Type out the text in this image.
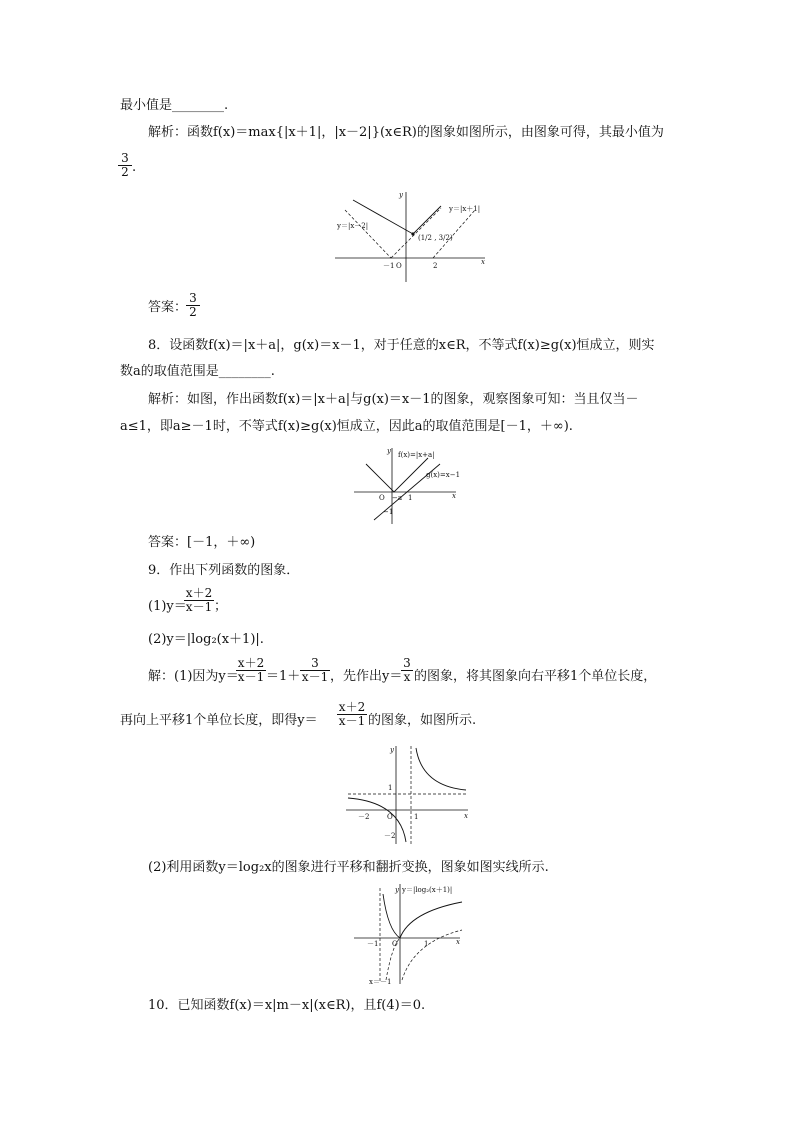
最小值是________.
解析：函数f(x)＝max{|x＋1|，|x－2|}(x∈R)的图象如图所示，由图象可得，其最小值为
$\frac{3}{2}$ .
y＝|x－2|
y＝|x＋1|
(1/2 , 3/2)
－1 O	2	x
y
答案：
$\frac{3}{2}$
8．设函数f(x)＝|x＋a|，g(x)＝x－1，对于任意的x∈R，不等式f(x)≥g(x)恒成立，则实
数a的取值范围是________.
解析：如图，作出函数f(x)＝|x＋a|与g(x)＝x－1的图象，观察图象可知：当且仅当－
a≤1，即a≥－1时，不等式f(x)≥g(x)恒成立，因此a的取值范围是[－1，＋∞).
f(x)=|x+a|
g(x)=x−1
O −a 1
−1
x
y
答案：[－1，＋∞)
9．作出下列函数的图象．
(1)y＝
$\frac{x+2}{x-1}$ ；
(2)y＝|log₂(x＋1)|.
解：(1)因为y＝
$\frac{x+2}{x-1} =1+ \frac{3}{x-1}$ ，先作出y＝
$\frac{3}{x}$ 的图象，将其图象向右平移1个单位长度，
再向上平移1个单位长度，即得$y= \frac{x+2}{x-1}$ 的图象，如图所示.
1
－2	O	1
－2
x
y
(2)利用函数y＝log₂x的图象进行平移和翻折变换，图象如图实线所示.
y＝|log₂(x＋1)|
y
－1 O	1	x
x＝－1
10．已知函数f(x)＝x|m－x|(x∈R)，且f(4)＝0.
